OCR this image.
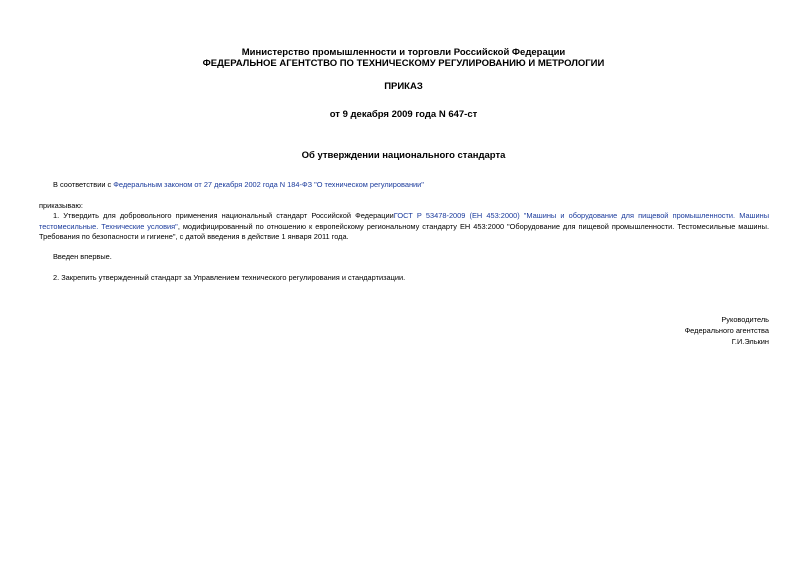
Министерство промышленности и торговли Российской Федерации
ФЕДЕРАЛЬНОЕ АГЕНТСТВО ПО ТЕХНИЧЕСКОМУ РЕГУЛИРОВАНИЮ И МЕТРОЛОГИИ
ПРИКАЗ
от 9 декабря 2009 года N 647-ст
Об утверждении национального стандарта
В соответствии с Федеральным законом от 27 декабря 2002 года N 184-ФЗ "О техническом регулировании"
приказываю:
1. Утвердить для добровольного применения национальный стандарт Российской ФедерацииГОСТ Р 53478-2009 (ЕН 453:2000) "Машины и оборудование для пищевой промышленности. Машины тестомесильные. Технические условия", модифицированный по отношению к европейскому региональному стандарту ЕН 453:2000 "Оборудование для пищевой промышленности. Тестомесильные машины. Требования по безопасности и гигиене", с датой введения в действие 1 января 2011 года.
Введен впервые.
2. Закрепить утвержденный стандарт за Управлением технического регулирования и стандартизации.
Руководитель
Федерального агентства
Г.И.Элькин
